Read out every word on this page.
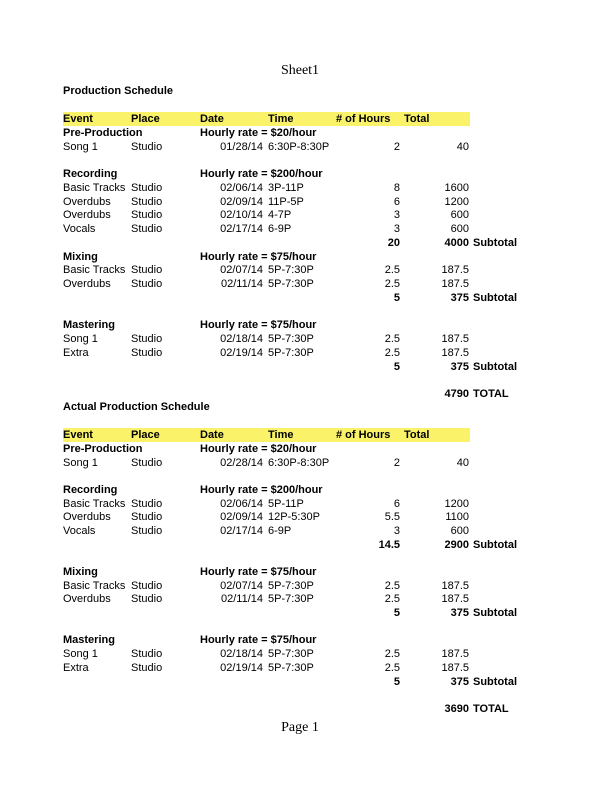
Sheet1
Production Schedule
Event	Place	Date	Time	# of Hours Total
Pre-Production	Hourly rate = $20/hour
Song 1	Studio	01/28/14 6:30P-8:30P	2	40
Recording	Hourly rate = $200/hour
Basic Tracks Studio	02/06/14 3P-11P	8	1600
Overdubs Studio	02/09/14 11P-5P	6	1200
Overdubs Studio	02/10/14 4-7P	3	600
Vocals	Studio	02/17/14 6-9P	3	600
20	4000 Subtotal
Mixing	Hourly rate = $75/hour
Basic Tracks Studio	02/07/14 5P-7:30P	2.5	187.5
Overdubs Studio	02/11/14 5P-7:30P	2.5	187.5
5	375 Subtotal
Mastering	Hourly rate = $75/hour
Song 1	Studio	02/18/14 5P-7:30P	2.5	187.5
Extra	Studio	02/19/14 5P-7:30P	2.5	187.5
5	375 Subtotal
4790 TOTAL
Actual Production Schedule
Event	Place	Date	Time	# of Hours Total
Pre-Production	Hourly rate = $20/hour
Song 1	Studio	02/28/14 6:30P-8:30P	2	40
Recording	Hourly rate = $200/hour
Basic Tracks Studio	02/06/14 5P-11P	6	1200
Overdubs Studio	02/09/14 12P-5:30P	5.5	1100
Vocals	Studio	02/17/14 6-9P	3	600
14.5	2900 Subtotal
Mixing	Hourly rate = $75/hour
Basic Tracks Studio	02/07/14 5P-7:30P	2.5	187.5
Overdubs Studio	02/11/14 5P-7:30P	2.5	187.5
5	375 Subtotal
Mastering	Hourly rate = $75/hour
Song 1	Studio	02/18/14 5P-7:30P	2.5	187.5
Extra	Studio	02/19/14 5P-7:30P	2.5	187.5
5	375 Subtotal
3690 TOTAL
Page 1
